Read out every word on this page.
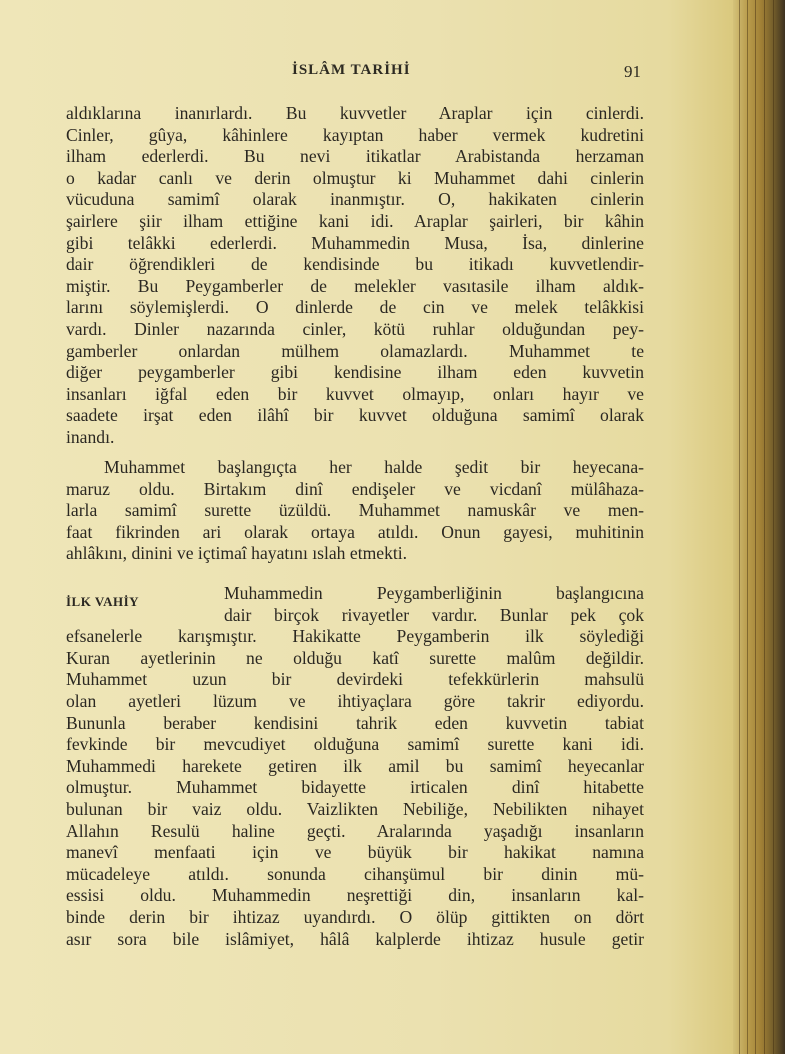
İSLÂM TARİHİ	91
aldıklarına inanırlardı. Bu kuvvetler Araplar için cinlerdi.
Cinler, gûya, kâhinlere kayıptan haber vermek kudretini
ilham ederlerdi. Bu nevi itikatlar Arabistanda herzaman
o kadar canlı ve derin olmuştur ki Muhammet dahi cinlerin
vücuduna samimî olarak inanmıştır. O, hakikaten cinlerin
şairlere şiir ilham ettiğine kani idi. Araplar şairleri, bir kâhin
gibi telâkki ederlerdi. Muhammedin Musa, İsa, dinlerine
dair öğrendikleri de kendisinde bu itikadı kuvvetlendir-
miştir. Bu Peygamberler de melekler vasıtasile ilham aldık-
larını söylemişlerdi. O dinlerde de cin ve melek telâkkisi
vardı. Dinler nazarında cinler, kötü ruhlar olduğundan pey-
gamberler onlardan mülhem olamazlardı. Muhammet te
diğer peygamberler gibi kendisine ilham eden kuvvetin
insanları iğfal eden bir kuvvet olmayıp, onları hayır ve
saadete irşat eden ilâhî bir kuvvet olduğuna samimî olarak
inandı.
Muhammet başlangıçta her halde şedit bir heyecana-
maruz oldu. Birtakım dinî endişeler ve vicdanî mülâhaza-
larla samimî surette üzüldü. Muhammet namuskâr ve men-
faat fikrinden ari olarak ortaya atıldı. Onun gayesi, muhitinin
ahlâkını, dinini ve içtimaî hayatını ıslah etmekti.
İLK VAHİY	Muhammedin Peygamberliğinin başlangıcına
dair birçok rivayetler vardır. Bunlar pek çok
efsanelerle karışmıştır. Hakikatte Peygamberin ilk söylediği
Kuran ayetlerinin ne olduğu katî surette malûm değildir.
Muhammet uzun bir devirdeki tefekkürlerin mahsulü
olan ayetleri lüzum ve ihtiyaçlara göre takrir ediyordu.
Bununla beraber kendisini tahrik eden kuvvetin tabiat
fevkinde bir mevcudiyet olduğuna samimî surette kani idi.
Muhammedi harekete getiren ilk amil bu samimî heyecanlar
olmuştur. Muhammet bidayette irticalen dinî hitabette
bulunan bir vaiz oldu. Vaizlikten Nebiliğe, Nebilikten nihayet
Allahın Resulü haline geçti. Aralarında yaşadığı insanların
manevî menfaati için ve büyük bir hakikat namına
mücadeleye atıldı. sonunda cihanşümul bir dinin mü-
essisi oldu. Muhammedin neşrettiği din, insanların kal-
binde derin bir ihtizaz uyandırdı. O ölüp gittikten on dört
asır sora bile islâmiyet, hâlâ kalplerde ihtizaz husule getir
